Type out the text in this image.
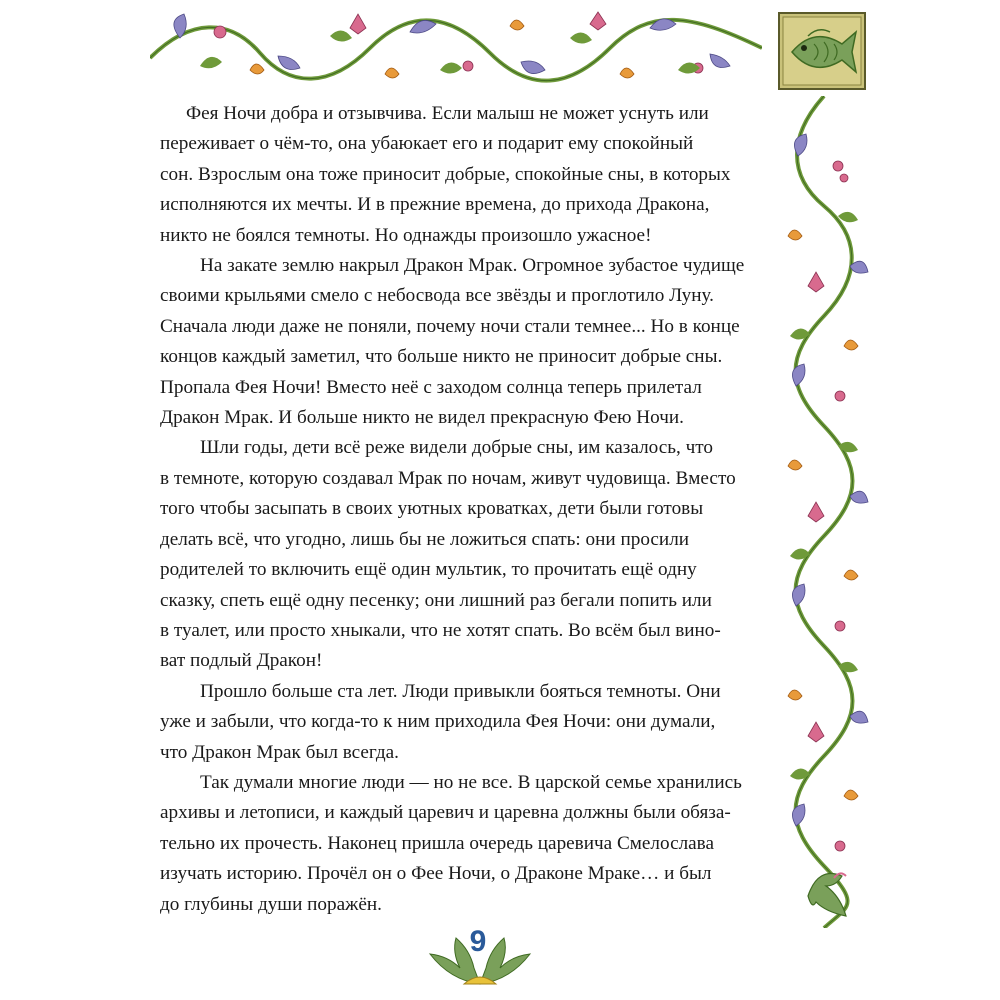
9

Фея Ночи добра и отзывчива. Если малыш не может уснуть или
переживает о чём-то, она убаюкает его и подарит ему спокойный
сон. Взрослым она тоже приносит добрые, спокойные сны, в которых
исполняются их мечты. И в прежние времена, до прихода Дракона,
никто не боялся темноты. Но однажды произошло ужасное!

На закате землю накрыл Дракон Мрак. Огромное зубастое чудище
своими крыльями смело с небосвода все звёзды и проглотило Луну.
Сначала люди даже не поняли, почему ночи стали темнее... Но в конце
концов каждый заметил, что больше никто не приносит добрые сны.
Пропала Фея Ночи! Вместо неё с заходом солнца теперь прилетал
Дракон Мрак. И больше никто не видел прекрасную Фею Ночи.

Шли годы, дети всё реже видели добрые сны, им казалось, что
в темноте, которую создавал Мрак по ночам, живут чудовища. Вместо
того чтобы засыпать в своих уютных кроватках, дети были готовы
делать всё, что угодно, лишь бы не ложиться спать: они просили
родителей то включить ещё один мультик, то прочитать ещё одну
сказку, спеть ещё одну песенку; они лишний раз бегали попить или
в туалет, или просто хныкали, что не хотят спать. Во всём был вино-
ват подлый Дракон!

Прошло больше ста лет. Люди привыкли бояться темноты. Они
уже и забыли, что когда-то к ним приходила Фея Ночи: они думали,
что Дракон Мрак был всегда.

Так думали многие люди — но не все. В царской семье хранились
архивы и летописи, и каждый царевич и царевна должны были обяза-
тельно их прочесть. Наконец пришла очередь царевича Смелослава
изучать историю. Прочёл он о Фее Ночи, о Драконе Мраке… и был
до глубины души поражён.
